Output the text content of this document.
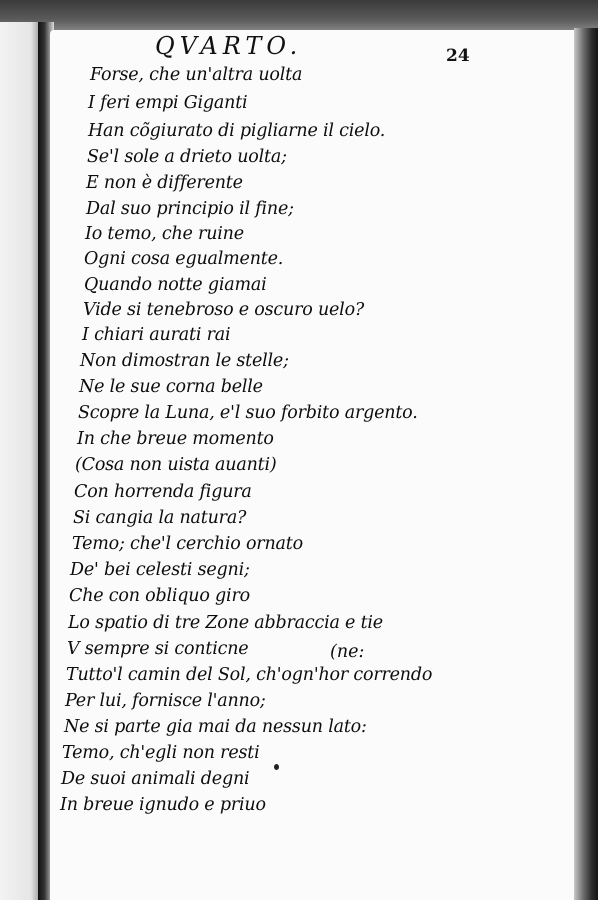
QVARTO.	24
Forse, che un'altra uolta
I feri empi Giganti
Han cõgiurato di pigliarne il cielo.
Se'l sole a drieto uolta;
E non è differente
Dal suo principio il fine;
Io temo, che ruine
Ogni cosa egualmente.
Quando notte giamai
Vide si tenebroso e oscuro uelo?
I chiari aurati rai
Non dimostran le stelle;
Ne le sue corna belle
Scopre la Luna, e'l suo forbito argento.
In che breue momento
(Cosa non uista auanti)
Con horrenda figura
Si cangia la natura?
Temo; che'l cerchio ornato
De' bei celesti segni;
Che con obliquo giro
Lo spatio di tre Zone abbraccia e tie
V sempre si conticne
Tutto'l camin del Sol, ch'ogn'hor correndo
Per lui, fornisce l'anno;
Ne si parte gia mai da nessun lato:
Temo, ch'egli non resti
De suoi animali degni
In breue ignudo e priuo
(ne:
